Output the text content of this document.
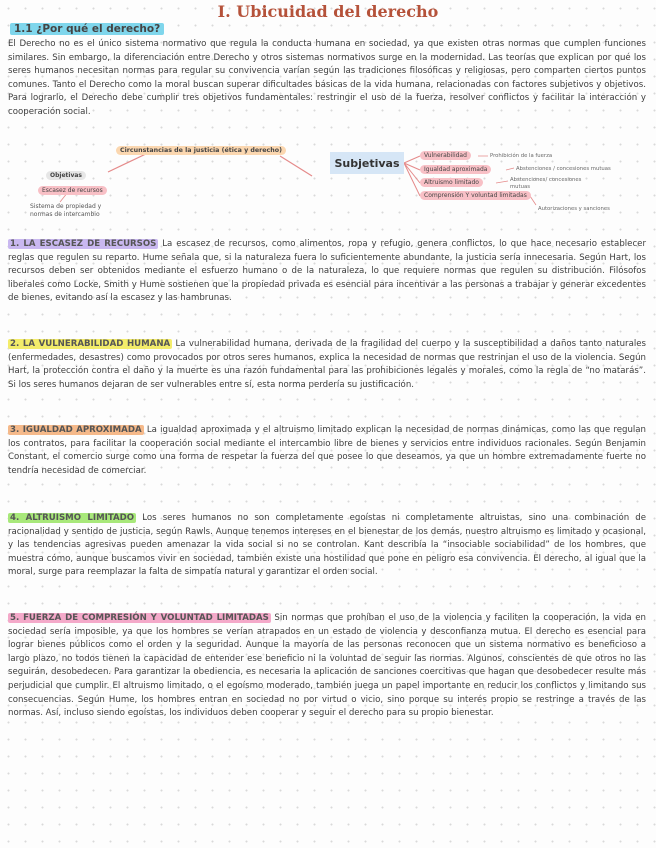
I. Ubicuidad del derecho
1.1 ¿Por qué el derecho?

El Derecho no es el único sistema normativo que regula la conducta humana en sociedad, ya que existen otras normas que cumplen funciones similares. Sin embargo, la diferenciación entre Derecho y otros sistemas normativos surge en la modernidad. Las teorías que explican por qué los seres humanos necesitan normas para regular su convivencia varían según las tradiciones filosóficas y religiosas, pero comparten ciertos puntos comunes. Tanto el Derecho como la moral buscan superar dificultades básicas de la vida humana, relacionadas con factores subjetivos y objetivos. Para lograrlo, el Derecho debe cumplir tres objetivos fundamentales: restringir el uso de la fuerza, resolver conflictos y facilitar la interacción y cooperación social.

Circunstancias de la justicia (ética y derecho)
Objetivas
Escasez de recursos
Sistema de propiedad y normas de intercambio
Subjetivas
Vulnerabilidad
Igualdad aproximada
Altruismo limitado
Comprensión Y voluntad limitadas
Prohibición de la fuerza
Abstenciones / concesiones mutuas
Abstenciones/ concesiones mutuas
Autorizaciones y sanciones

1. LA ESCASEZ DE RECURSOS La escasez de recursos, como alimentos, ropa y refugio, genera conflictos, lo que hace necesario establecer reglas que regulen su reparto. Hume señala que, si la naturaleza fuera lo suficientemente abundante, la justicia sería innecesaria. Según Hart, los recursos deben ser obtenidos mediante el esfuerzo humano o de la naturaleza, lo que requiere normas que regulen su distribución. Filósofos liberales como Locke, Smith y Hume sostienen que la propiedad privada es esencial para incentivar a las personas a trabajar y generar excedentes de bienes, evitando así la escasez y las hambrunas.

2. LA VULNERABILIDAD HUMANA La vulnerabilidad humana, derivada de la fragilidad del cuerpo y la susceptibilidad a daños tanto naturales (enfermedades, desastres) como provocados por otros seres humanos, explica la necesidad de normas que restrinjan el uso de la violencia. Según Hart, la protección contra el daño y la muerte es una razón fundamental para las prohibiciones legales y morales, como la regla de “no matarás”. Si los seres humanos dejaran de ser vulnerables entre sí, esta norma perdería su justificación.

3. IGUALDAD APROXIMADA La igualdad aproximada y el altruismo limitado explican la necesidad de normas dinámicas, como las que regulan los contratos, para facilitar la cooperación social mediante el intercambio libre de bienes y servicios entre individuos racionales. Según Benjamin Constant, el comercio surge como una forma de respetar la fuerza del que posee lo que deseamos, ya que un hombre extremadamente fuerte no tendría necesidad de comerciar.

4. ALTRUISMO LIMITADO Los seres humanos no son completamente egoístas ni completamente altruistas, sino una combinación de racionalidad y sentido de justicia, según Rawls. Aunque tenemos intereses en el bienestar de los demás, nuestro altruismo es limitado y ocasional, y las tendencias agresivas pueden amenazar la vida social si no se controlan. Kant describía la “insociable sociabilidad” de los hombres, que muestra cómo, aunque buscamos vivir en sociedad, también existe una hostilidad que pone en peligro esa convivencia. El derecho, al igual que la moral, surge para reemplazar la falta de simpatía natural y garantizar el orden social.

5. FUERZA DE COMPRESIÓN Y VOLUNTAD LIMITADAS Sin normas que prohíban el uso de la violencia y faciliten la cooperación, la vida en sociedad sería imposible, ya que los hombres se verían atrapados en un estado de violencia y desconfianza mutua. El derecho es esencial para lograr bienes públicos como el orden y la seguridad. Aunque la mayoría de las personas reconocen que un sistema normativo es beneficioso a largo plazo, no todos tienen la capacidad de entender ese beneficio ni la voluntad de seguir las normas. Algunos, conscientes de que otros no las seguirán, desobedecen. Para garantizar la obediencia, es necesaria la aplicación de sanciones coercitivas que hagan que desobedecer resulte más perjudicial que cumplir. El altruismo limitado, o el egoísmo moderado, también juega un papel importante en reducir los conflictos y limitando sus consecuencias. Según Hume, los hombres entran en sociedad no por virtud o vicio, sino porque su interés propio se restringe a través de las normas. Así, incluso siendo egoístas, los individuos deben cooperar y seguir el derecho para su propio bienestar.
